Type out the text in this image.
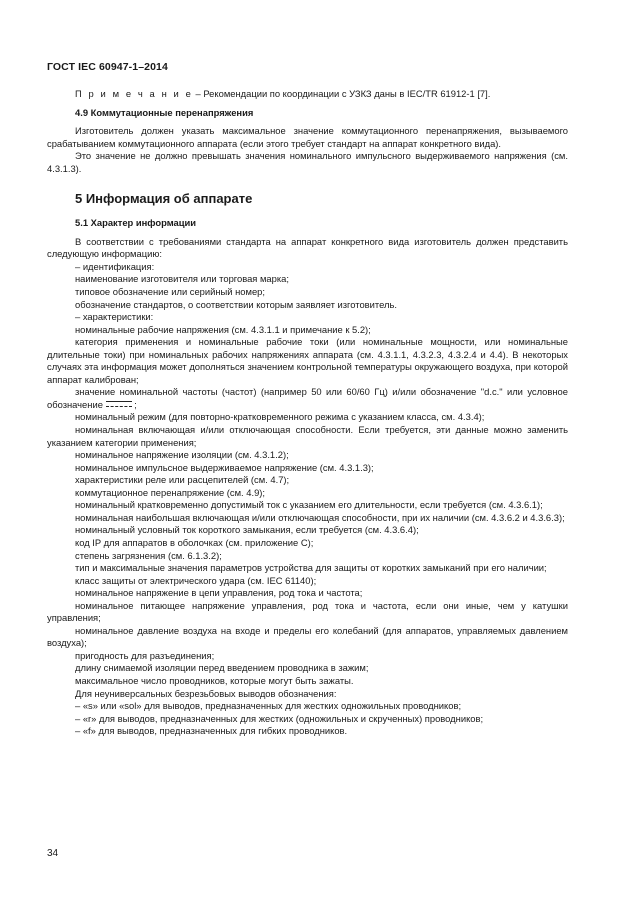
ГОСТ IEC 60947-1–2014

П р и м е ч а н и е – Рекомендации по координации с УЗКЗ даны в IEC/TR 61912-1 [7].

4.9 Коммутационные перенапряжения

Изготовитель должен указать максимальное значение коммутационного перенапряжения, вызываемого срабатыванием коммутационного аппарата (если этого требует стандарт на аппарат конкретного вида).

Это значение не должно превышать значения номинального импульсного выдерживаемого напряжения (см. 4.3.1.3).

5 Информация об аппарате

5.1 Характер информации

В соответствии с требованиями стандарта на аппарат конкретного вида изготовитель должен представить следующую информацию:

– идентификация:

наименование изготовителя или торговая марка;

типовое обозначение или серийный номер;

обозначение стандартов, о соответствии которым заявляет изготовитель.

– характеристики:

номинальные рабочие напряжения (см. 4.3.1.1 и примечание к 5.2);

категория применения и номинальные рабочие токи (или номинальные мощности, или номинальные длительные токи) при номинальных рабочих напряжениях аппарата (см. 4.3.1.1, 4.3.2.3, 4.3.2.4 и 4.4). В некоторых случаях эта информация может дополняться значением контрольной температуры окружающего воздуха, при которой аппарат калиброван;

значение номинальной частоты (частот) (например 50 или 60/60 Гц) и/или обозначение "d.c." или условное обозначение	;

номинальный режим (для повторно-кратковременного режима с указанием класса, см. 4.3.4);

номинальная включающая и/или отключающая способности. Если требуется, эти данные можно заменить указанием категории применения;

номинальное напряжение изоляции (см. 4.3.1.2);

номинальное импульсное выдерживаемое напряжение (см. 4.3.1.3);

характеристики реле или расцепителей (см. 4.7);

коммутационное перенапряжение (см. 4.9);

номинальный кратковременно допустимый ток с указанием его длительности, если требуется (см. 4.3.6.1);

номинальная наибольшая включающая и/или отключающая способности, при их наличии (см. 4.3.6.2 и 4.3.6.3);

номинальный условный ток короткого замыкания, если требуется (см. 4.3.6.4);

код IP для аппаратов в оболочках (см. приложение С);

степень загрязнения (см. 6.1.3.2);

тип и максимальные значения параметров устройства для защиты от коротких замыканий при его наличии;

класс защиты от электрического удара (см. IEC 61140);

номинальное напряжение в цепи управления, род тока и частота;

номинальное питающее напряжение управления, род тока и частота, если они иные, чем у катушки управления;

номинальное давление воздуха на входе и пределы его колебаний (для аппаратов, управляемых давлением воздуха);

пригодность для разъединения;

длину снимаемой изоляции перед введением проводника в зажим;

максимальное число проводников, которые могут быть зажаты.

Для неуниверсальных безрезьбовых выводов обозначения:

– «s» или «sol» для выводов, предназначенных для жестких одножильных проводников;

– «r» для выводов, предназначенных для жестких (одножильных и скрученных) проводников;

– «f» для выводов, предназначенных для гибких проводников.

34
